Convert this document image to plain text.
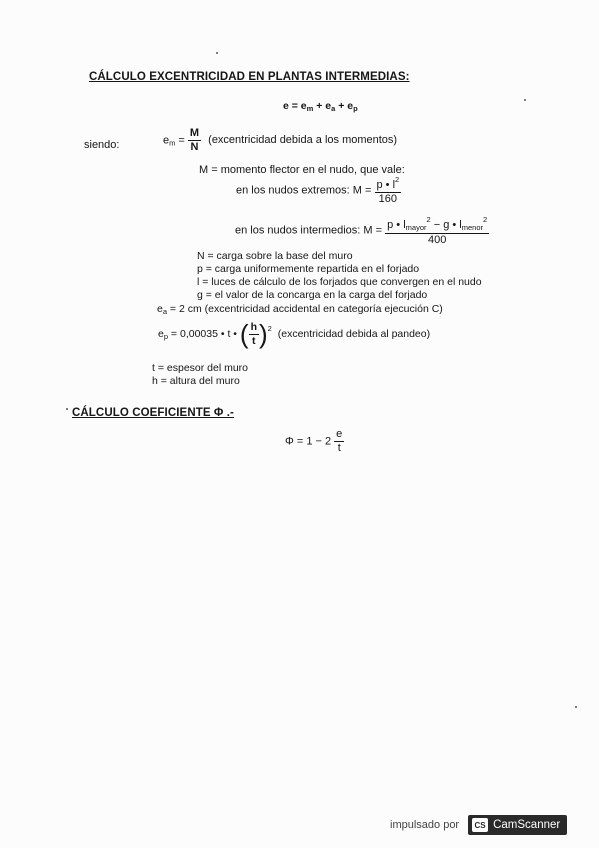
CÁLCULO EXCENTRICIDAD EN PLANTAS INTERMEDIAS:
$e = e_m + e_a + e_p$
siendo:	$e_m = \frac{M}{N}$ (excentricidad debida a los momentos)
M = momento flector en el nudo, que vale:
en los nudos extremos: $M = \frac{p • l^2}{160}$
en los nudos intermedios: $M = \frac{p • l_{mayor}^2 - g • l_{menor}^2}{400}$
N = carga sobre la base del muro
p = carga uniformemente repartida en el forjado
l = luces de cálculo de los forjados que convergen en el nudo
g = el valor de la concarga en la carga del forjado
$e_a = 2$ cm (excentricidad accidental en categoría ejecución C)
$e_p = 0,00035$ • t • ( $\frac{h}{t} )^2$ (excentricidad debida al pandeo)
t = espesor del muro
h = altura del muro
CÁLCULO COEFICIENTE Φ .-
$\Phi = 1 - 2 \frac{e}{t}$
impulsado por	CS CamScanner
